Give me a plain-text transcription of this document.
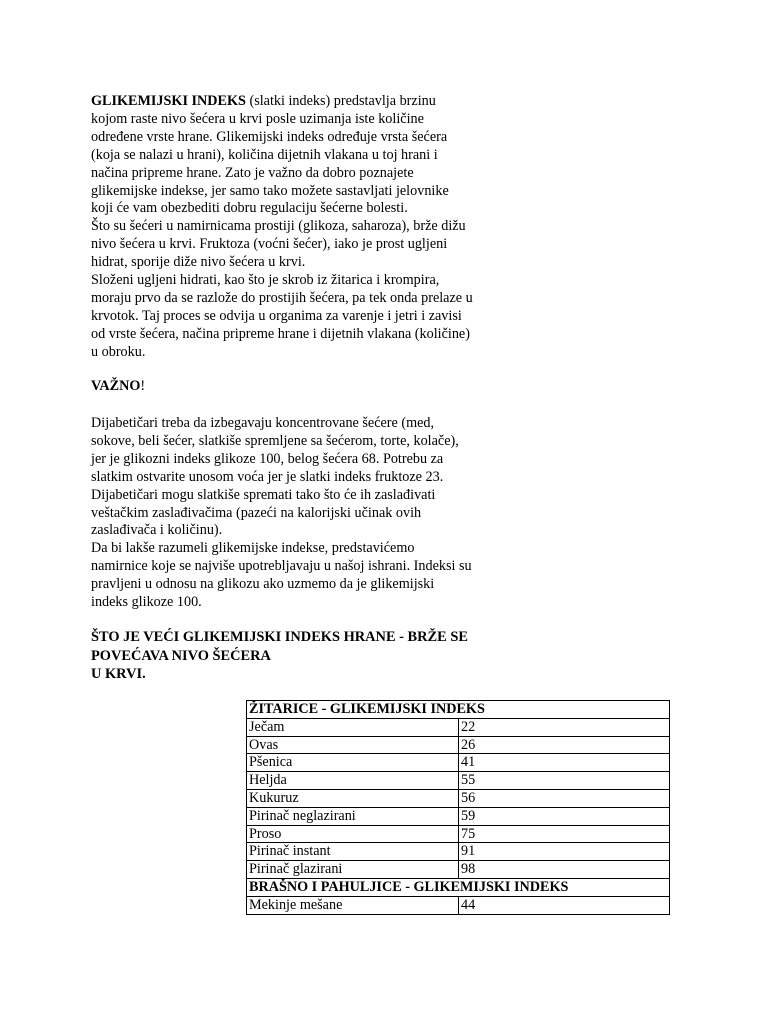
GLIKEMIJSKI INDEKS (slatki indeks) predstavlja brzinu
kojom raste nivo šećera u krvi posle uzimanja iste količine
određene vrste hrane. Glikemijski indeks određuje vrsta šećera
(koja se nalazi u hrani), količina dijetnih vlakana u toj hrani i
načina pripreme hrane. Zato je važno da dobro poznajete
glikemijske indekse, jer samo tako možete sastavljati jelovnike
koji će vam obezbediti dobru regulaciju šećerne bolesti.
Što su šećeri u namirnicama prostiji (glikoza, saharoza), brže dižu
nivo šećera u krvi. Fruktoza (voćni šećer), iako je prost ugljeni
hidrat, sporije diže nivo šećera u krvi.
Složeni ugljeni hidrati, kao što je skrob iz žitarica i krompira,
moraju prvo da se razlože do prostijih šećera, pa tek onda prelaze u
krvotok. Taj proces se odvija u organima za varenje i jetri i zavisi
od vrste šećera, načina pripreme hrane i dijetnih vlakana (količine)
u obroku.
VAŽNO!
Dijabetičari treba da izbegavaju koncentrovane šećere (med,
sokove, beli šećer, slatkiše spremljene sa šećerom, torte, kolače),
jer je glikozni indeks glikoze 100, belog šećera 68. Potrebu za
slatkim ostvarite unosom voća jer je slatki indeks fruktoze 23.
Dijabetičari mogu slatkiše spremati tako što će ih zaslađivati
veštačkim zaslađivačima (pazeći na kalorijski učinak ovih
zaslađivača i količinu).
Da bi lakše razumeli glikemijske indekse, predstavićemo
namirnice koje se najviše upotrebljavaju u našoj ishrani. Indeksi su
pravljeni u odnosu na glikozu ako uzmemo da je glikemijski
indeks glikoze 100.
ŠTO JE VEĆI GLIKEMIJSKI INDEKS HRANE - BRŽE SE
POVEĆAVA NIVO ŠEĆERA
U KRVI.
ŽITARICE - GLIKEMIJSKI INDEKS	
Ječam	22
Ovas	26
Pšenica	41
Heljda	55
Kukuruz	56
Pirinač neglazirani	59
Proso	75
Pirinač instant	91
Pirinač glazirani	98
BRAŠNO I PAHULJICE - GLIKEMIJSKI INDEKS	
Mekinje mešane	44
